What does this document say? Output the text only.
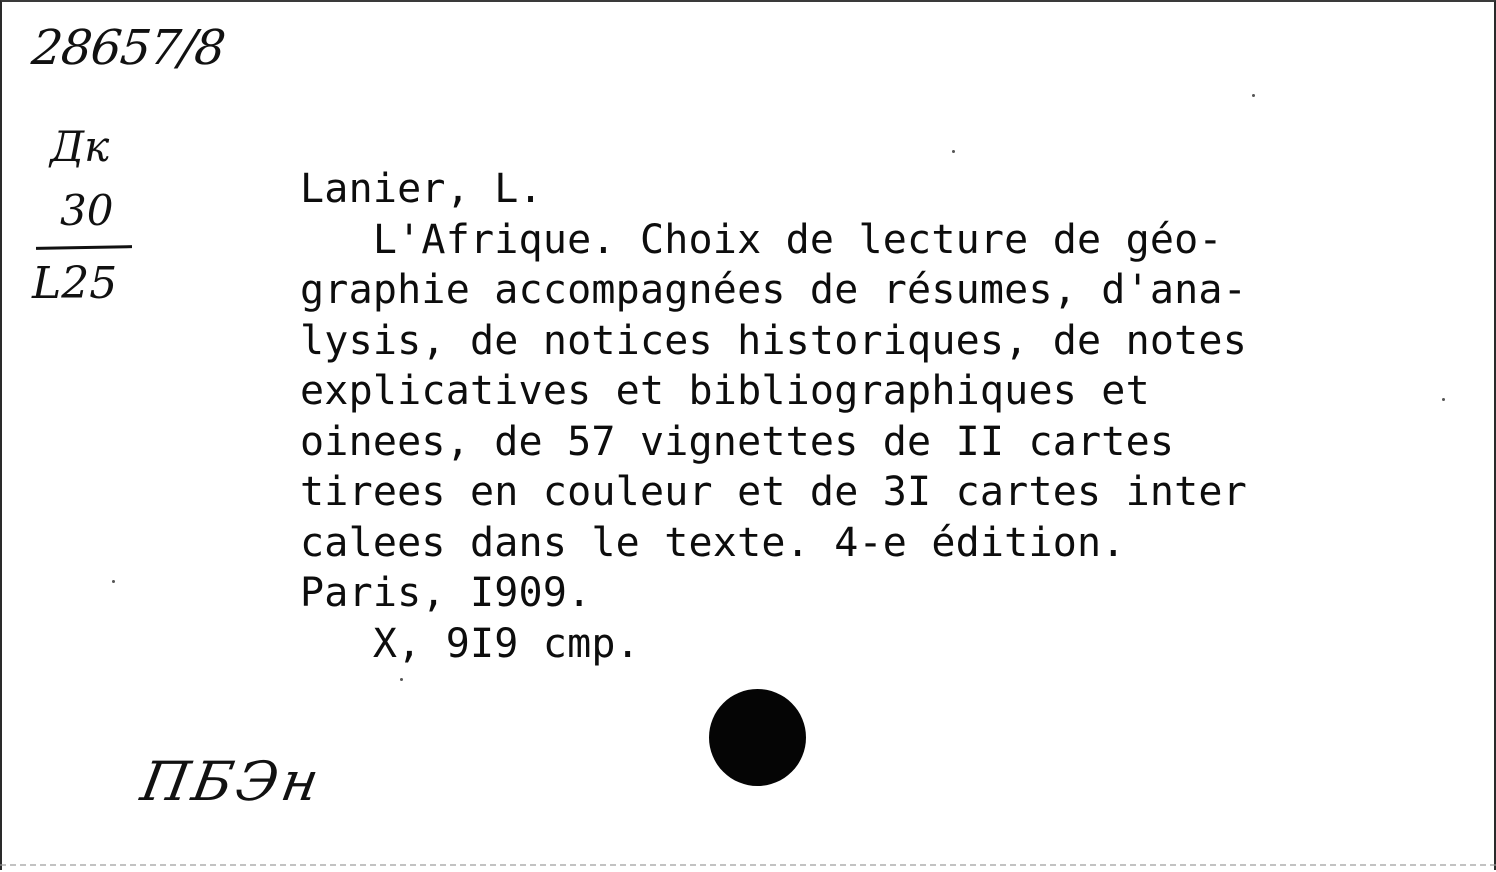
28657/8
Дк
30
L25
Lanier, L.
L'Afrique. Choix de lecture de géo-
graphie accompagnées de résumes, d'ana-
lysis, de notices historiques, de notes
explicatives et bibliographiques et
oinees, de 57 vignettes de II cartes
tirees en couleur et de 3I cartes inter
calees dans le texte. 4-e édition.
Paris, I909.
X, 9I9 cmp.
ПБЭн
